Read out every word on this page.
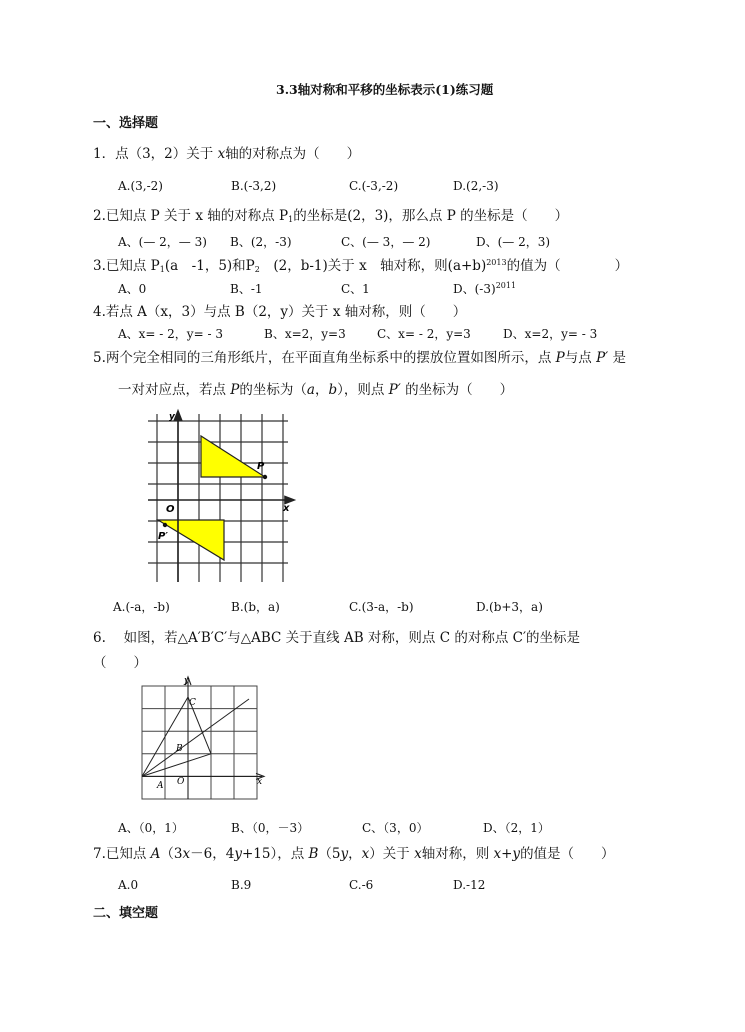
3.3轴对称和平移的坐标表示(1)练习题
一、选择题
1．点（3，2）关于 x轴的对称点为（　　）
A.(3,-2)	B.(-3,2)	C.(-3,-2)	D.(2,-3)
2.已知点 P 关于 x 轴的对称点 $P_1$的坐标是(2，3)，那么点 P 的坐标是（　　）
A、(— 2，— 3) B、(2，-3)	C、(— 3，— 2)	D、(— 2，3)
3.已知点 $P_1(a$　-1，5)和$P_2$　(2，b-1)关于 x　轴对称，则$(a+b)^{2013}$的值为（　　　　）
A、0	B、-1	C、1	D、$(-3)^{2011}$
4.若点 A（x，3）与点 B（2，y）关于 x 轴对称，则（　　）
A、x= - 2，y= - 3	B、x=2，y=3	C、x= - 2，y=3	D、x=2，y= - 3
5.两个完全相同的三角形纸片，在平面直角坐标系中的摆放位置如图所示，点 P与点 P′ 是
一对对应点，若点 P的坐标为（a，b），则点 P′ 的坐标为（　　）
y
x
O
P
P′
A.(-a，-b)	B.(b，a)	C.(3-a，-b)	D.(b+3，a)
6.　 如图，若△A′B′C′与△ABC 关于直线 AB 对称，则点 C 的对称点 C′的坐标是
（　　）
y
x
C
B
A O
A、（0，1）	B、（0，－3）	C、（3，0）	D、（2，1）
7.已知点 A（3x－6，4y+15），点 B（5y，x）关于 x轴对称，则 x+y的值是（　　）
A.0	B.9	C.-6	D.-12
二、填空题
